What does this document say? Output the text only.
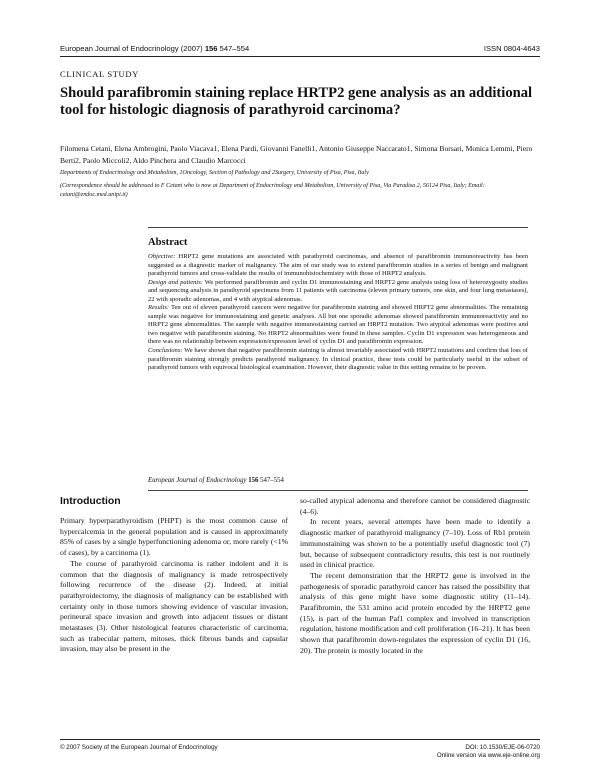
European Journal of Endocrinology (2007) 156 547–554	ISSN 0804-4643
CLINICAL STUDY
Should parafibromin staining replace HRTP2 gene analysis as an additional tool for histologic diagnosis of parathyroid carcinoma?
Filomena Cetani, Elena Ambrogini, Paolo Viacava1, Elena Pardi, Giovanni Fanelli1, Antonio Giuseppe Naccarato1, Simona Borsari, Monica Lemmi, Piero Berti2, Paolo Miccoli2, Aldo Pinchera and Claudio Marcocci
Departments of Endocrinology and Metabolism, 1Oncology, Section of Pathology and 2Surgery, University of Pisa, Pisa, Italy
(Correspondence should be addressed to F Cetani who is now at Department of Endocrinology and Metabolism, University of Pisa, Via Paradisa 2, 56124 Pisa, Italy; Email: cetani@endoc.med.unipi.it)
Abstract

Objective: HRPT2 gene mutations are associated with parathyroid carcinomas, and absence of parafibromin immunoreactivity has been suggested as a diagnostic marker of malignancy. The aim of our study was to extend parafibromin studies in a series of benign and malignant parathyroid tumors and cross-validate the results of immunohistochemistry with those of HRPT2 analysis.

Design and patients: We performed parafibromin and cyclin D1 immunostaining and HRPT2 gene analysis using loss of heterozygosity studies and sequencing analysis in parathyroid specimens from 11 patients with carcinoma (eleven primary tumors, one skin, and four lung metastases), 22 with sporadic adenomas, and 4 with atypical adenomas.

Results: Ten out of eleven parathyroid cancers were negative for parafibromin staining and showed HRPT2 gene abnormalities. The remaining sample was negative for immunostaining and genetic analyses. All but one sporadic adenomas showed parafibromin immunoreactivity and no HRPT2 gene abnormalities. The sample with negative immunostaining carried an HRPT2 mutation. Two atypical adenomas were positive and two negative with parafibromin staining. No HRPT2 abnormalities were found in these samples. Cyclin D1 expression was heterogeneous and there was no relationship between expression/expression level of cyclin D1 and parafibromin expression.

Conclusions: We have shown that negative parafibromin staining is almost invariably associated with HRPT2 mutations and confirm that loss of parafibromin staining strongly predicts parathyroid malignancy. In clinical practice, these tests could be particularly useful in the subset of parathyroid tumors with equivocal histological examination. However, their diagnostic value in this setting remains to be proven.

European Journal of Endocrinology 156 547–554
Introduction

Primary hyperparathyroidism (PHPT) is the most common cause of hypercalcemia in the general population and is caused in approximately 85% of cases by a single hyperfunctioning adenoma or, more rarely (<1% of cases), by a carcinoma (1).

The course of parathyroid carcinoma is rather indolent and it is common that the diagnosis of malignancy is made retrospectively following recurrence of the disease (2). Indeed, at initial parathyroidectomy, the diagnosis of malignancy can be established with certainty only in those tumors showing evidence of vascular invasion, perineural space invasion and growth into adjacent tissues or distant metastases (3). Other histological features characteristic of carcinoma, such as trabecular pattern, mitoses, thick fibrous bands and capsular invasion, may also be present in the

so-called atypical adenoma and therefore cannot be considered diagnostic (4–6).

In recent years, several attempts have been made to identify a diagnostic marker of parathyroid malignancy (7–10). Loss of Rb1 protein immunostaining was shown to be a potentially useful diagnostic tool (7) but, because of subsequent contradictory results, this test is not routinely used in clinical practice.

The recent demonstration that the HRPT2 gene is involved in the pathogenesis of sporadic parathyroid cancer has raised the possibility that analysis of this gene might have some diagnostic utility (11–14). Parafibromin, the 531 amino acid protein encoded by the HRPT2 gene (15), is part of the human Paf1 complex and involved in transcription regulation, histone modification and cell proliferation (16–21). It has been shown that parafibromin down-regulates the expression of cyclin D1 (16, 20). The protein is mostly located in the

© 2007 Society of the European Journal of Endocrinology	DOI: 10.1530/EJE-06-0720
Online version via www.eje-online.org
